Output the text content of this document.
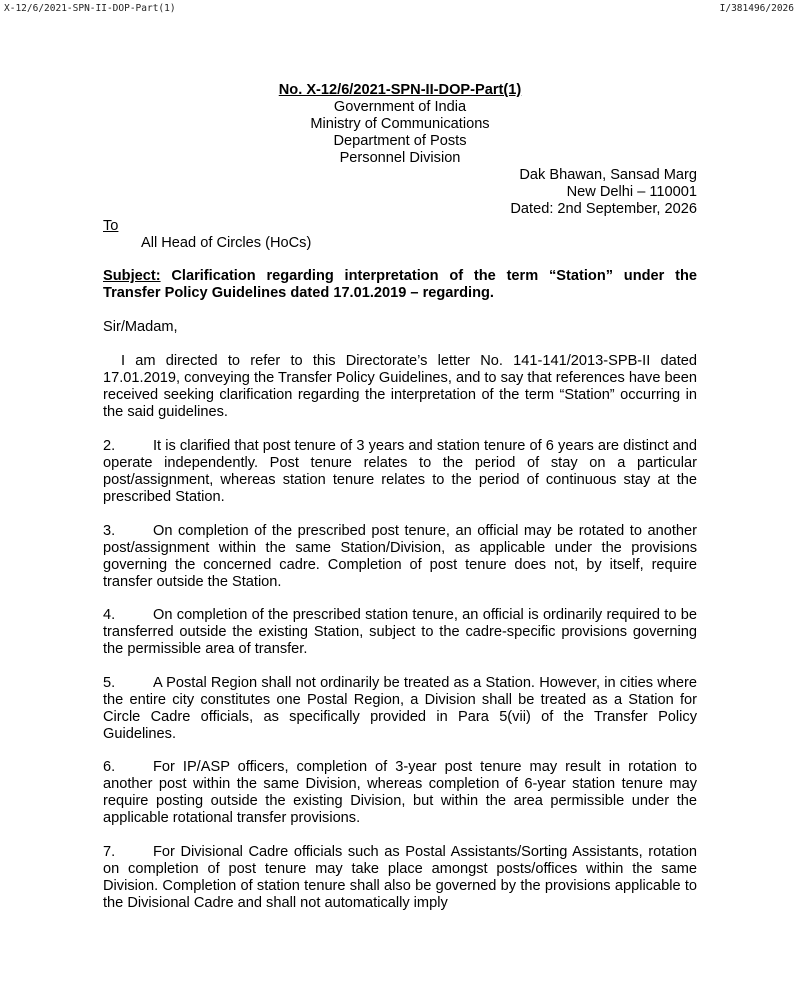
X-12/6/2021-SPN-II-DOP-Part(1)	I/381496/2026
No. X-12/6/2021-SPN-II-DOP-Part(1)
Government of India
Ministry of Communications
Department of Posts
Personnel Division
Dak Bhawan, Sansad Marg
New Delhi – 110001
Dated: 2nd September, 2026
To
All Head of Circles (HoCs)
Subject: Clarification regarding interpretation of the term “Station” under the
Transfer Policy Guidelines dated 17.01.2019 – regarding.
Sir/Madam,
I am directed to refer to this Directorate’s letter No. 141-141/2013-SPB-II dated 17.01.2019, conveying the Transfer Policy Guidelines, and to say that references have been received seeking clarification regarding the interpretation of the term “Station” occurring in the said guidelines.
2.	It is clarified that post tenure of 3 years and station tenure of 6 years are distinct and operate independently. Post tenure relates to the period of stay on a particular post/assignment, whereas station tenure relates to the period of continuous stay at the prescribed Station.
3.	On completion of the prescribed post tenure, an official may be rotated to another post/assignment within the same Station/Division, as applicable under the provisions governing the concerned cadre. Completion of post tenure does not, by itself, require transfer outside the Station.
4.	On completion of the prescribed station tenure, an official is ordinarily required to be transferred outside the existing Station, subject to the cadre-specific provisions governing the permissible area of transfer.
5.	A Postal Region shall not ordinarily be treated as a Station. However, in cities where the entire city constitutes one Postal Region, a Division shall be treated as a Station for Circle Cadre officials, as specifically provided in Para 5(vii) of the Transfer Policy Guidelines.
6.	For IP/ASP officers, completion of 3-year post tenure may result in rotation to another post within the same Division, whereas completion of 6-year station tenure may require posting outside the existing Division, but within the area permissible under the applicable rotational transfer provisions.
7.	For Divisional Cadre officials such as Postal Assistants/Sorting Assistants, rotation on completion of post tenure may take place amongst posts/offices within the same Division. Completion of station tenure shall also be governed by the provisions applicable to the Divisional Cadre and shall not automatically imply
